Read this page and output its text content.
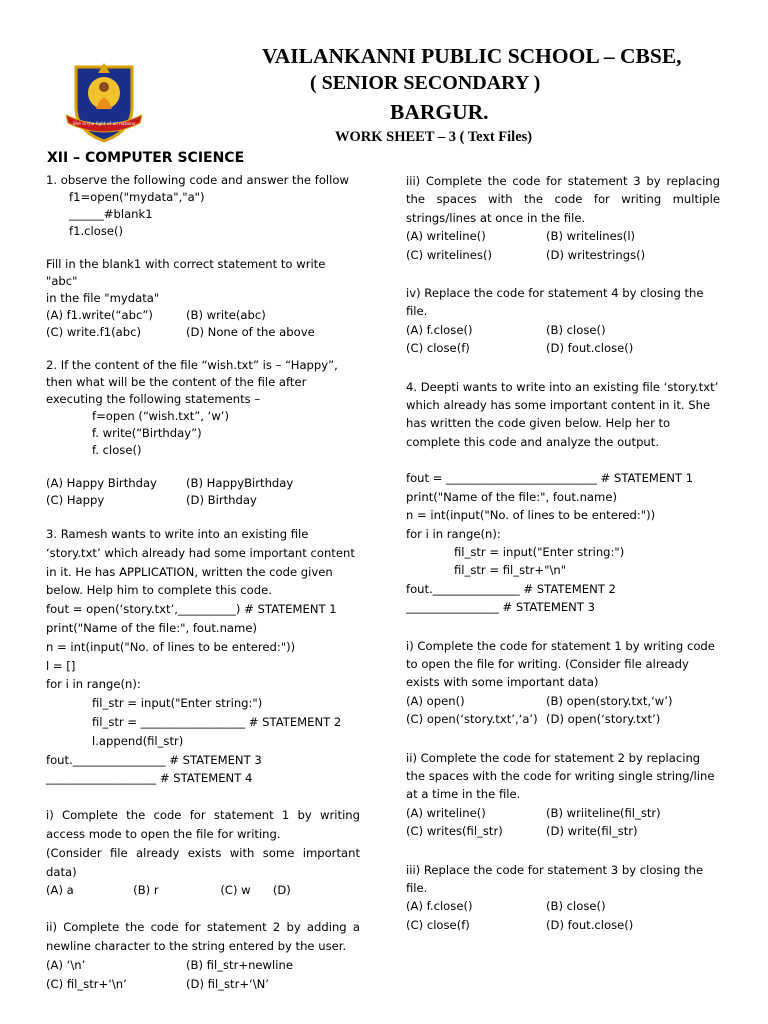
VAILANKANNI PUBLIC SCHOOL – CBSE,
( SENIOR SECONDARY )
BARGUR.
WORK SHEET – 3 ( Text Files)
She is the light of all nations
XII – COMPUTER SCIENCE
1. observe the following code and answer the follow
f1=open("mydata","a")
______#blank1
f1.close()
Fill in the blank1 with correct statement to write "abc"
in the file "mydata"
(A) f1.write(“abc”)	(B) write(abc)
(C) write.f1(abc)	(D) None of the above
2. If the content of the file “wish.txt” is – “Happy”,
then what will be the content of the file after
executing the following statements –
f=open (“wish.txt”, ‘w’)
f. write(“Birthday”)
f. close()
(A) Happy Birthday	(B) HappyBirthday
(C) Happy	(D) Birthday
3. Ramesh wants to write into an existing file
‘story.txt’ which already had some important content
in it. He has APPLICATION, written the code given
below. Help him to complete this code.
fout = open(‘story.txt’,__________) # STATEMENT 1
print("Name of the file:", fout.name)
n = int(input("No. of lines to be entered:"))
l = []
for i in range(n):
fil_str = input("Enter string:")
fil_str = __________________ # STATEMENT 2
l.append(fil_str)
fout.________________ # STATEMENT 3
___________________ # STATEMENT 4
i) Complete the code for statement 1 by writing access mode to open the file for writing.
(Consider file already exists with some important data)
(A) a	(B) r	(C) w	(D)
ii) Complete the code for statement 2 by adding a newline character to the string entered by the user.
(A) ‘\n’	(B) fil_str+newline
(C) fil_str+‘\n’	(D) fil_str+‘\N’
iii) Complete the code for statement 3 by replacing the spaces with the code for writing multiple strings/lines at once in the file.
(A) writeline()	(B) writelines(l)
(C) writelines()	(D) writestrings()
iv) Replace the code for statement 4 by closing the file.
(A) f.close()	(B) close()
(C) close(f)	(D) fout.close()
4. Deepti wants to write into an existing file ‘story.txt’ which already has some important content in it. She has written the code given below. Help her to complete this code and analyze the output.
fout = __________________________ # STATEMENT 1
print("Name of the file:", fout.name)
n = int(input("No. of lines to be entered:"))
for i in range(n):
fil_str = input("Enter string:")
fil_str = fil_str+"\n"
fout._______________ # STATEMENT 2
________________ # STATEMENT 3
i) Complete the code for statement 1 by writing code to open the file for writing. (Consider file already exists with some important data)
(A) open()	(B) open(story.txt,‘w’)
(C) open(‘story.txt’,‘a’) (D) open(‘story.txt’)
ii) Complete the code for statement 2 by replacing the spaces with the code for writing single string/line at a time in the file.
(A) writeline()	(B) wriiteline(fil_str)
(C) writes(fil_str)	(D) write(fil_str)
iii) Replace the code for statement 3 by closing the file.
(A) f.close()	(B) close()
(C) close(f)	(D) fout.close()
